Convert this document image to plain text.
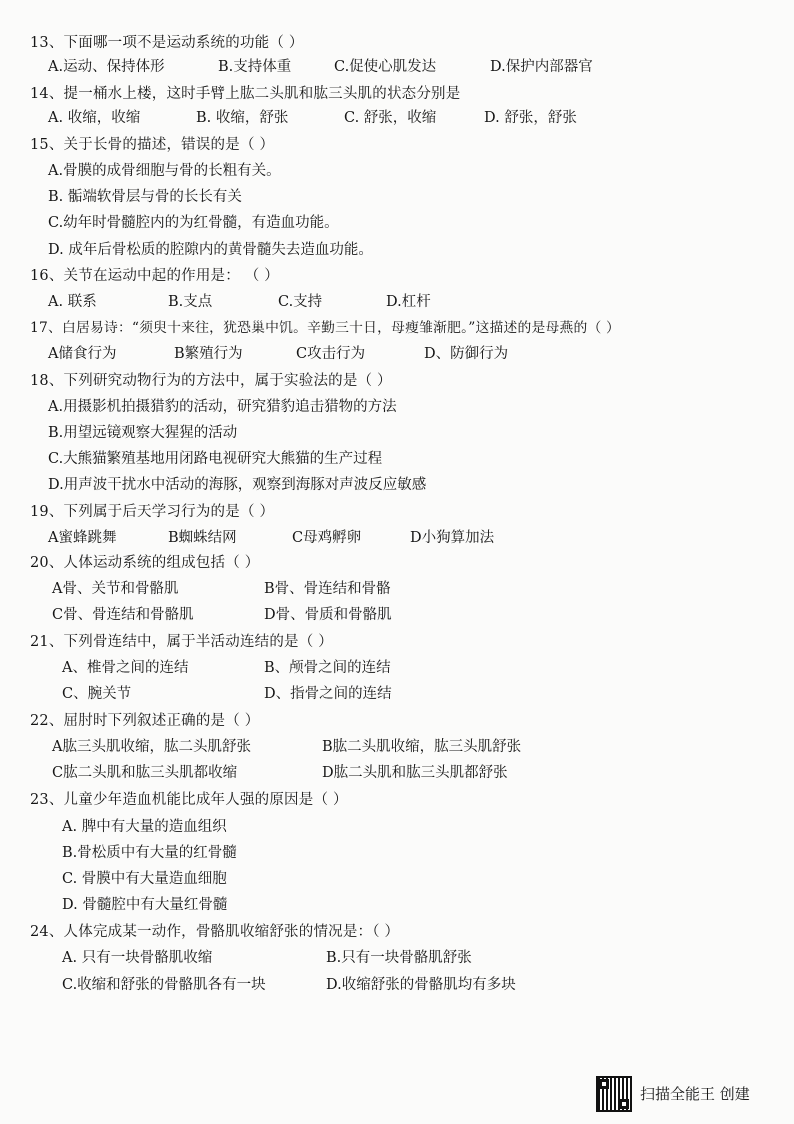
13、下面哪一项不是运动系统的功能（ ）
A.运动、保持体形	B.支持体重	C.促使心肌发达	D.保护内部器官
14、提一桶水上楼，这时手臂上肱二头肌和肱三头肌的状态分别是
A. 收缩，收缩	B. 收缩，舒张	C. 舒张，收缩	D. 舒张，舒张
15、关于长骨的描述，错误的是（ ）
A.骨膜的成骨细胞与骨的长粗有关。
B. 骺端软骨层与骨的长长有关
C.幼年时骨髓腔内的为红骨髓，有造血功能。
D. 成年后骨松质的腔隙内的黄骨髓失去造血功能。
16、关节在运动中起的作用是： （ ）
A. 联系	B.支点	C.支持	D.杠杆
17、白居易诗：“须臾十来往，犹恐巢中饥。辛勤三十日，母瘦雏渐肥。”这描述的是母燕的（ ）
A储食行为	B繁殖行为	C攻击行为	D、防御行为
18、下列研究动物行为的方法中，属于实验法的是（ ）
A.用摄影机拍摄猎豹的活动，研究猎豹追击猎物的方法
B.用望远镜观察大猩猩的活动
C.大熊猫繁殖基地用闭路电视研究大熊猫的生产过程
D.用声波干扰水中活动的海豚，观察到海豚对声波反应敏感
19、下列属于后天学习行为的是（ ）
A蜜蜂跳舞	B蜘蛛结网	C母鸡孵卵	D小狗算加法
20、人体运动系统的组成包括（ ）
A骨、关节和骨骼肌	B骨、骨连结和骨骼
C骨、骨连结和骨骼肌	D骨、骨质和骨骼肌
21、下列骨连结中，属于半活动连结的是（ ）
A、椎骨之间的连结	B、颅骨之间的连结
C、腕关节	D、指骨之间的连结
22、屈肘时下列叙述正确的是（ ）
A肱三头肌收缩，肱二头肌舒张	B肱二头肌收缩，肱三头肌舒张
C肱二头肌和肱三头肌都收缩	D肱二头肌和肱三头肌都舒张
23、儿童少年造血机能比成年人强的原因是（ ）
A. 脾中有大量的造血组织
B.骨松质中有大量的红骨髓
C. 骨膜中有大量造血细胞
D. 骨髓腔中有大量红骨髓
24、人体完成某一动作，骨骼肌收缩舒张的情况是：（ ）
A. 只有一块骨骼肌收缩	B.只有一块骨骼肌舒张
C.收缩和舒张的骨骼肌各有一块	D.收缩舒张的骨骼肌均有多块
扫描全能王 创建
